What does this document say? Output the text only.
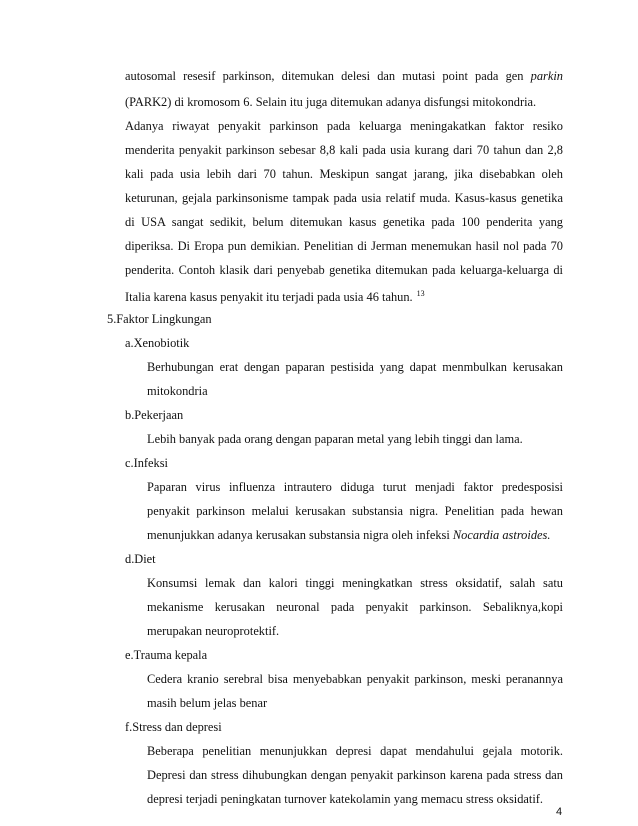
autosomal resesif parkinson, ditemukan delesi dan mutasi point pada gen parkin
(PARK2) di kromosom 6. Selain itu juga ditemukan adanya disfungsi mitokondria.
Adanya riwayat penyakit parkinson pada keluarga meningakatkan faktor resiko
menderita penyakit parkinson sebesar 8,8 kali pada usia kurang dari 70 tahun dan 2,8
kali pada usia lebih dari 70 tahun. Meskipun sangat jarang, jika disebabkan oleh
keturunan, gejala parkinsonisme tampak pada usia relatif muda. Kasus-kasus genetika
di USA sangat sedikit, belum ditemukan kasus genetika pada 100 penderita yang
diperiksa. Di Eropa pun demikian. Penelitian di Jerman menemukan hasil nol pada 70
penderita. Contoh klasik dari penyebab genetika ditemukan pada keluarga-keluarga di
Italia karena kasus penyakit itu terjadi pada usia 46 tahun. $^{13}$
5.Faktor Lingkungan
a.Xenobiotik
Berhubungan erat dengan paparan pestisida yang dapat menmbulkan kerusakan
mitokondria
b.Pekerjaan
Lebih banyak pada orang dengan paparan metal yang lebih tinggi dan lama.
c.Infeksi
Paparan virus influenza intrautero diduga turut menjadi faktor predesposisi
penyakit parkinson melalui kerusakan substansia nigra. Penelitian pada hewan
menunjukkan adanya kerusakan substansia nigra oleh infeksi Nocardia astroides.
d.Diet
Konsumsi lemak dan kalori tinggi meningkatkan stress oksidatif, salah satu
mekanisme kerusakan neuronal pada penyakit parkinson. Sebaliknya,kopi
merupakan neuroprotektif.
e.Trauma kepala
Cedera kranio serebral bisa menyebabkan penyakit parkinson, meski peranannya
masih belum jelas benar
f.Stress dan depresi
Beberapa penelitian menunjukkan depresi dapat mendahului gejala motorik.
Depresi dan stress dihubungkan dengan penyakit parkinson karena pada stress dan
depresi terjadi peningkatan turnover katekolamin yang memacu stress oksidatif.
4
